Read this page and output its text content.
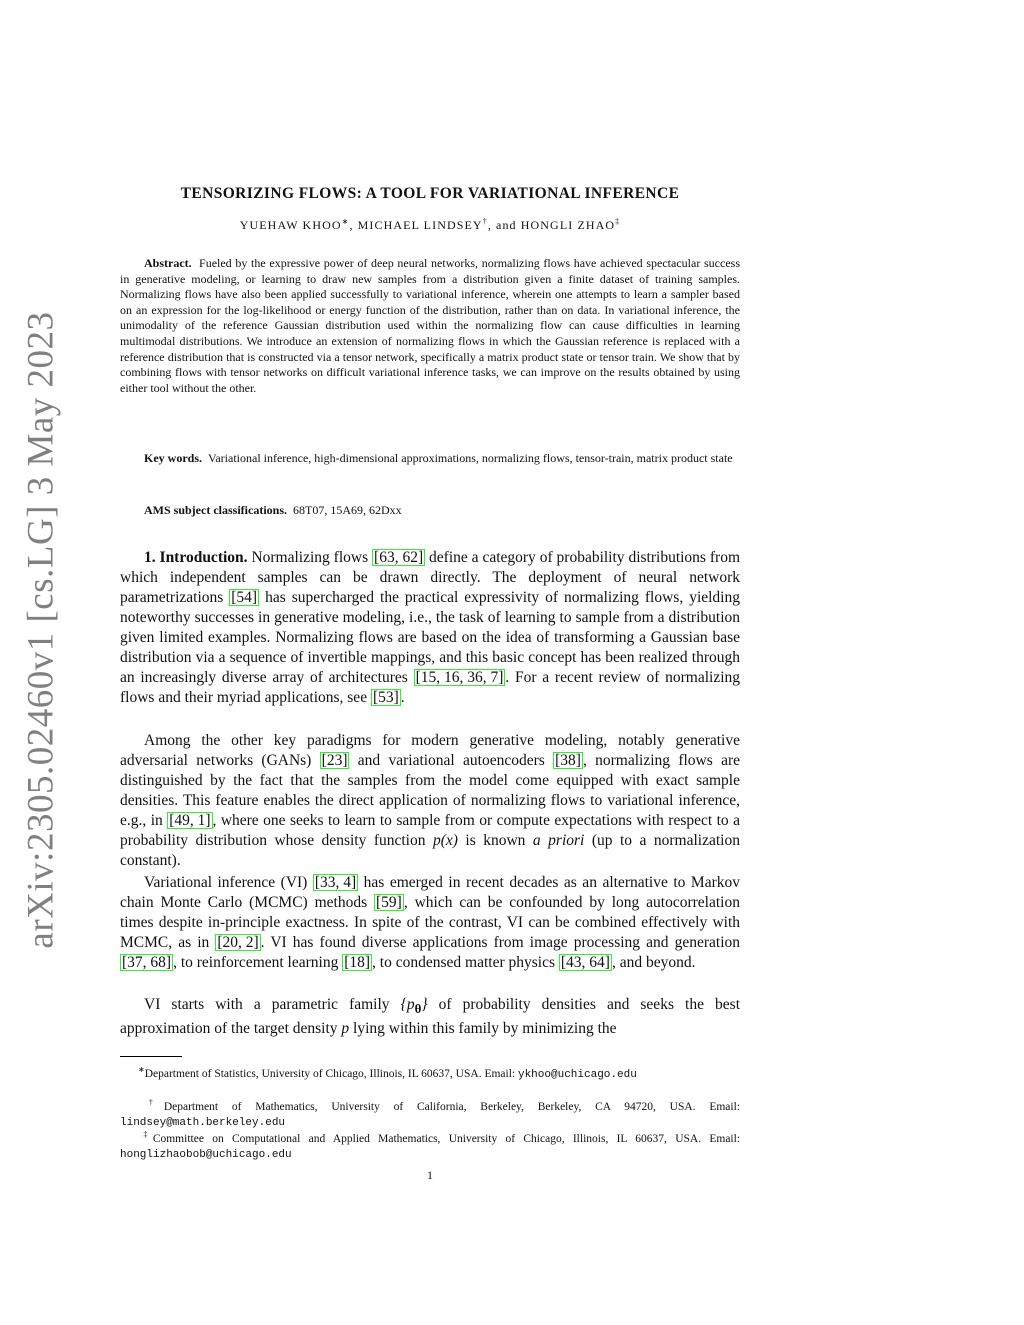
arXiv:2305.02460v1 [cs.LG] 3 May 2023
TENSORIZING FLOWS: A TOOL FOR VARIATIONAL INFERENCE
YUEHAW KHOO∗, MICHAEL LINDSEY†, and HONGLI ZHAO‡
Abstract. Fueled by the expressive power of deep neural networks, normalizing flows have achieved spectacular success in generative modeling, or learning to draw new samples from a distribution given a finite dataset of training samples. Normalizing flows have also been applied successfully to variational inference, wherein one attempts to learn a sampler based on an expression for the log-likelihood or energy function of the distribution, rather than on data. In variational inference, the unimodality of the reference Gaussian distribution used within the normalizing flow can cause difficulties in learning multimodal distributions. We introduce an extension of normalizing flows in which the Gaussian reference is replaced with a reference distribution that is constructed via a tensor network, specifically a matrix product state or tensor train. We show that by combining flows with tensor networks on difficult variational inference tasks, we can improve on the results obtained by using either tool without the other.
Key words. Variational inference, high-dimensional approximations, normalizing flows, tensor-train, matrix product state
AMS subject classifications. 68T07, 15A69, 62Dxx
1. Introduction. Normalizing flows [63, 62] define a category of probability distributions from which independent samples can be drawn directly. The deployment of neural network parametrizations [54] has supercharged the practical expressivity of normalizing flows, yielding noteworthy successes in generative modeling, i.e., the task of learning to sample from a distribution given limited examples. Normalizing flows are based on the idea of transforming a Gaussian base distribution via a sequence of invertible mappings, and this basic concept has been realized through an increasingly diverse array of architectures [15, 16, 36, 7] . For a recent review of normalizing flows and their myriad applications, see [53] .
Among the other key paradigms for modern generative modeling, notably generative adversarial networks (GANs) [23] and variational autoencoders [38] , normalizing flows are distinguished by the fact that the samples from the model come equipped with exact sample densities. This feature enables the direct application of normalizing flows to variational inference, e.g., in [49, 1] , where one seeks to learn to sample from or compute expectations with respect to a probability distribution whose density function p(x) is known a priori (up to a normalization constant).
Variational inference (VI) [33, 4] has emerged in recent decades as an alternative to Markov chain Monte Carlo (MCMC) methods [59] , which can be confounded by long autocorrelation times despite in-principle exactness. In spite of the contrast, VI can be combined effectively with MCMC, as in [20, 2] . VI has found diverse applications from image processing and generation [37, 68] , to reinforcement learning [18] , to condensed matter physics [43, 64] , and beyond.
VI starts with a parametric family $\{p_\theta\}$ of probability densities and seeks the best approximation of the target density p lying within this family by minimizing the
∗Department of Statistics, University of Chicago, Illinois, IL 60637, USA. Email: ykhoo@uchicago.edu
†Department of Mathematics, University of California, Berkeley, Berkeley, CA 94720, USA. Email: lindsey@math.berkeley.edu
‡Committee on Computational and Applied Mathematics, University of Chicago, Illinois, IL 60637, USA. Email: honglizhaobob@uchicago.edu
1
